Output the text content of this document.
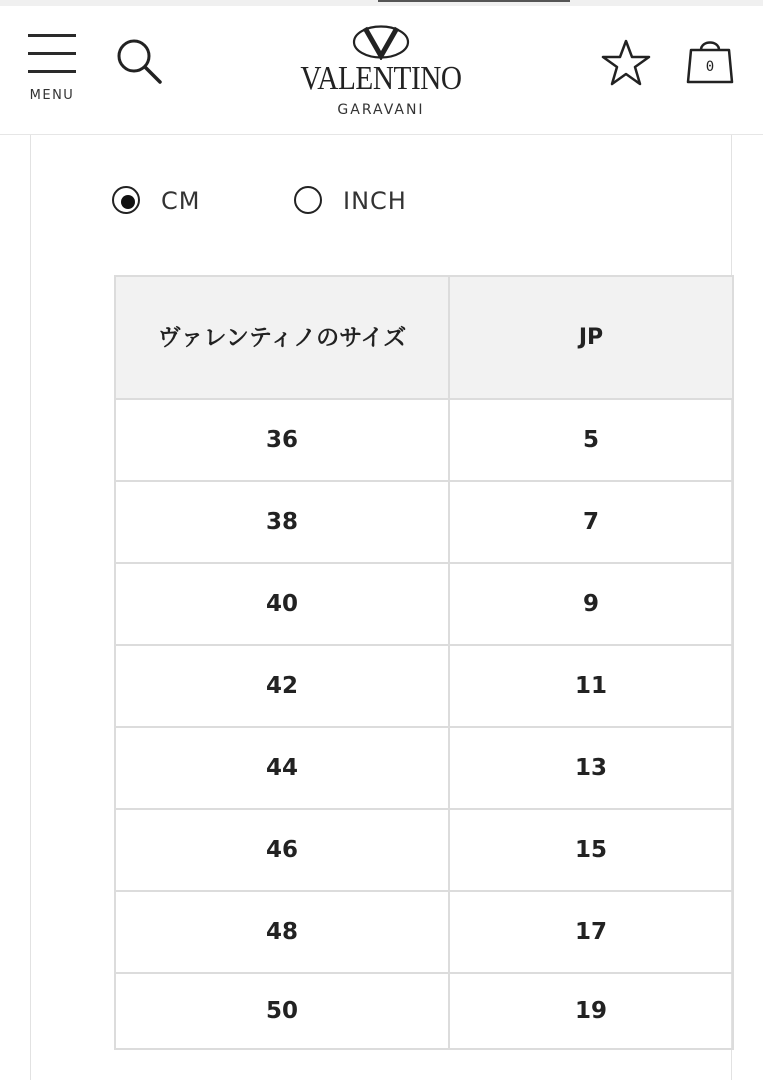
MENU	VALENTINO
GARAVANI
0
CM	INCH
ヴァレンティノのサイズ	JP
36	5
38	7
40	9
42	11
44	13
46	15
48	17
50	19
